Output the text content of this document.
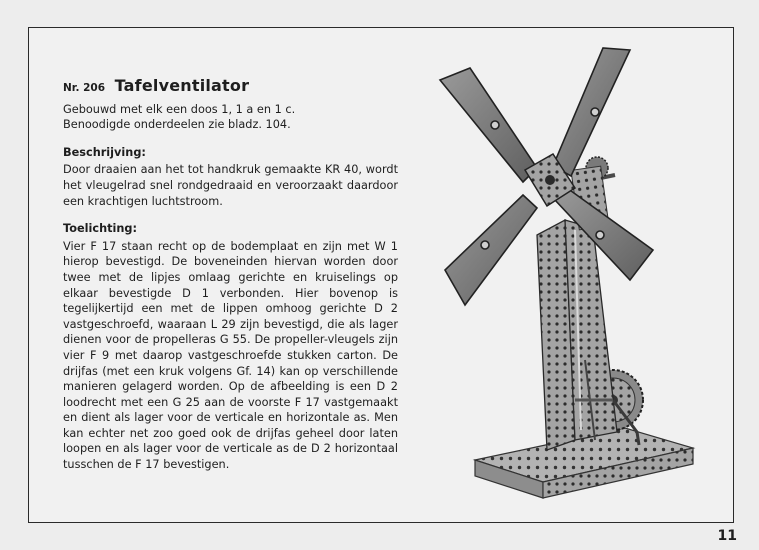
Nr. 206 Tafelventilator

Gebouwd met elk een doos 1, 1 a en 1 c.

Benoodigde onderdeelen zie bladz. 104.

Beschrijving:

Door draaien aan het tot handkruk gemaakte KR 40, wordt het vleugelrad snel rondgedraaid en veroorzaakt daardoor een krachtigen luchtstroom.

Toelichting:

Vier F 17 staan recht op de bodemplaat en zijn met W 1 hierop bevestigd. De boveneinden hiervan worden door twee met de lipjes omlaag gerichte en kruiselings op elkaar bevestigde D 1 verbonden. Hier bovenop is tegelijkertijd een met de lippen omhoog gerichte D 2 vastgeschroefd, waaraan L 29 zijn bevestigd, die als lager dienen voor de propelleras G 55. De propeller-vleugels zijn vier F 9 met daarop vastgeschroefde stukken carton. De drijfas (met een kruk volgens Gf. 14) kan op verschillende manieren gelagerd worden. Op de afbeelding is een D 2 loodrecht met een G 25 aan de voorste F 17 vastgemaakt en dient als lager voor de verticale en horizontale as. Men kan echter net zoo goed ook de drijfas geheel door laten loopen en als lager voor de verticale as de D 2 horizontaal tusschen de F 17 bevestigen.

11
